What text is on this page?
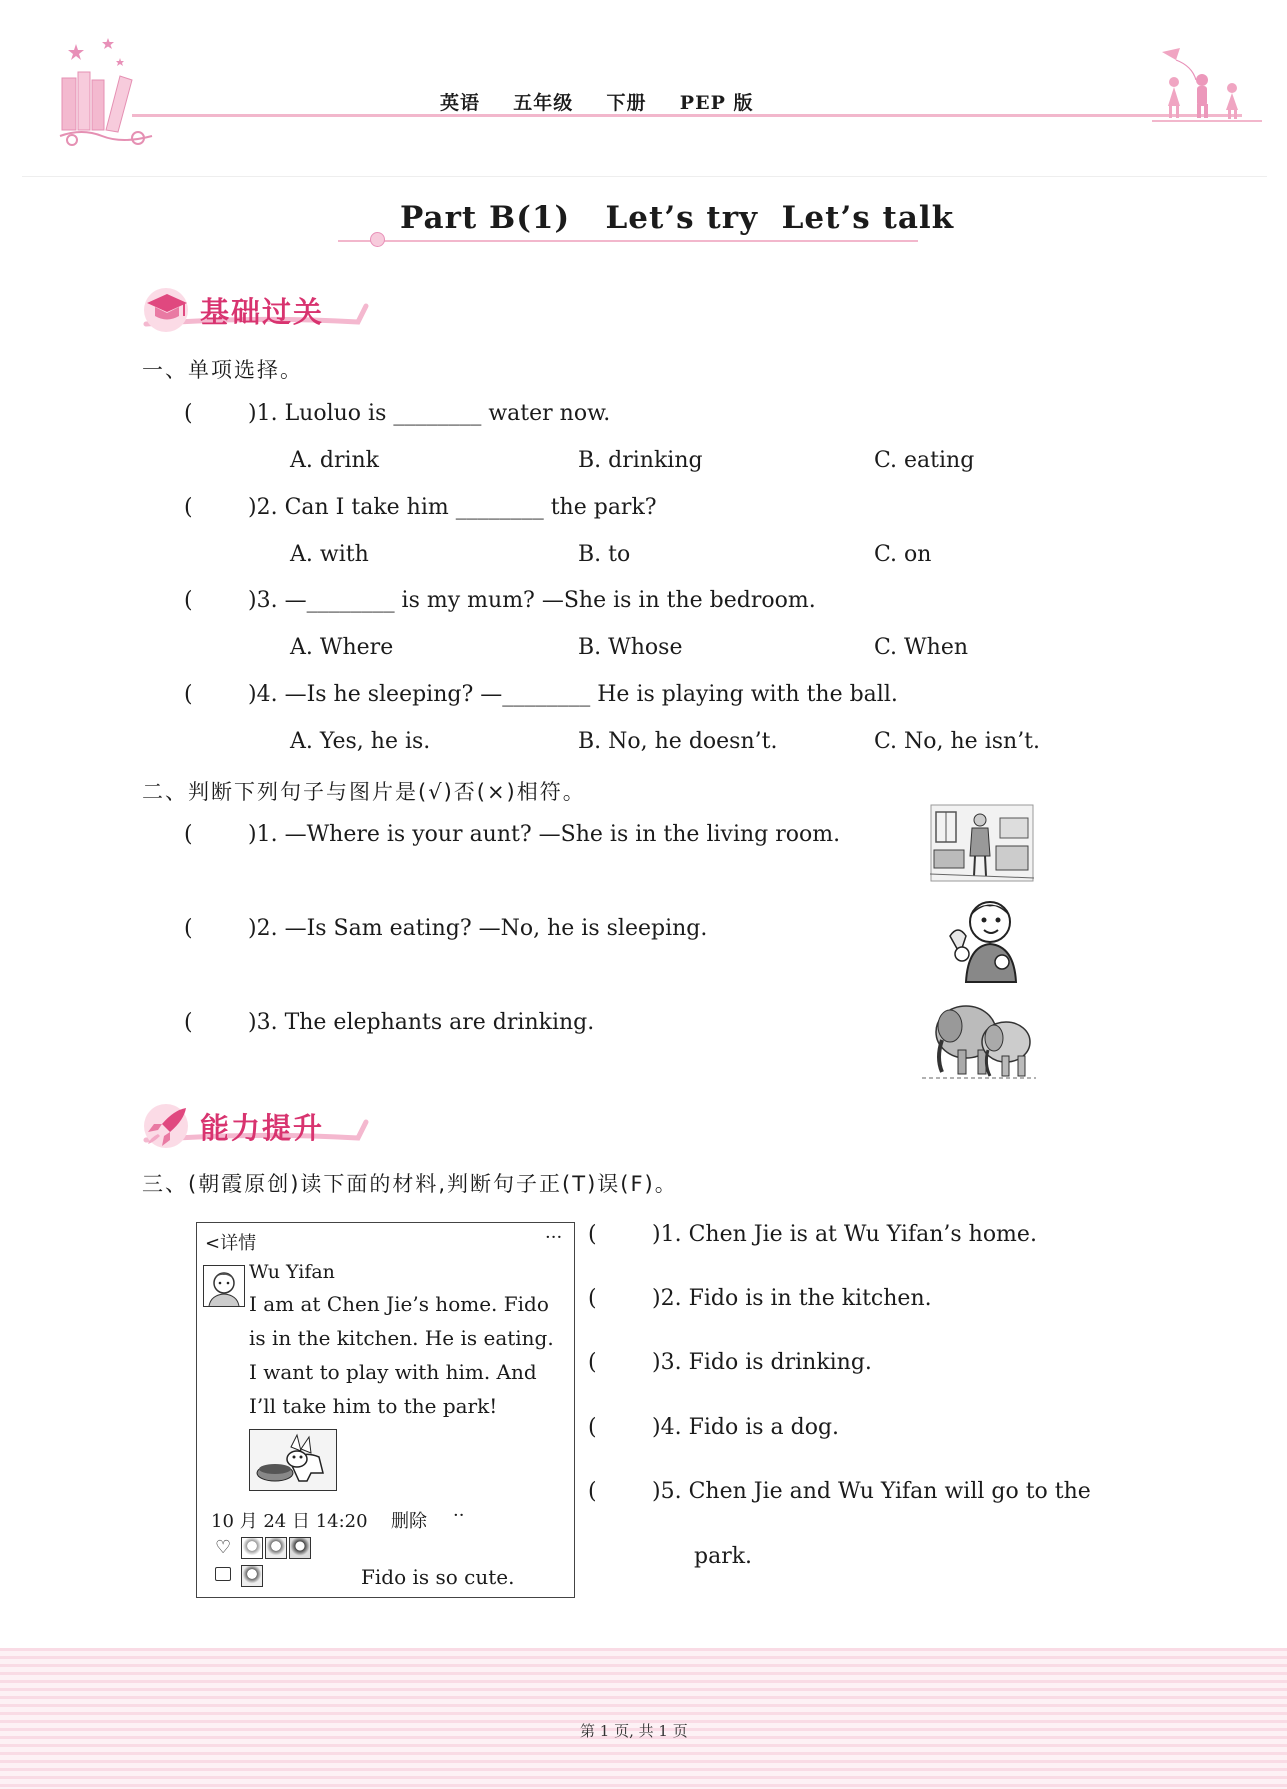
英语 五年级 下册 PEP 版
Part B(1)   Let’s try  Let’s talk
基础过关
一、单项选择。
(	)1. Luoluo is ________ water now.
A. drink	B. drinking	C. eating
(	)2. Can I take him ________ the park?
A. with	B. to	C. on
(	)3. —________ is my mum? —She is in the bedroom.
A. Where	B. Whose	C. When
(	)4. —Is he sleeping? —________ He is playing with the ball.
A. Yes, he is.	B. No, he doesn’t.	C. No, he isn’t.
二、判断下列句子与图片是(√)否(×)相符。
(	)1. —Where is your aunt? —She is in the living room.
(	)2. —Is Sam eating? —No, he is sleeping.
(	)3. The elephants are drinking.
能力提升
三、(朝霞原创)读下面的材料,判断句子正(T)误(F)。
<详情	···
Wu Yifan
I am at Chen Jie’s home. Fido
is in the kitchen. He is eating.
I want to play with him. And
I’ll take him to the park!
10 月 24 日 14:20 删除 ··
♡
Fido is so cute.
(	)1. Chen Jie is at Wu Yifan’s home.
(	)2. Fido is in the kitchen.
(	)3. Fido is drinking.
(	)4. Fido is a dog.
(	)5. Chen Jie and Wu Yifan will go to the
park.
第 1 页, 共 1 页
